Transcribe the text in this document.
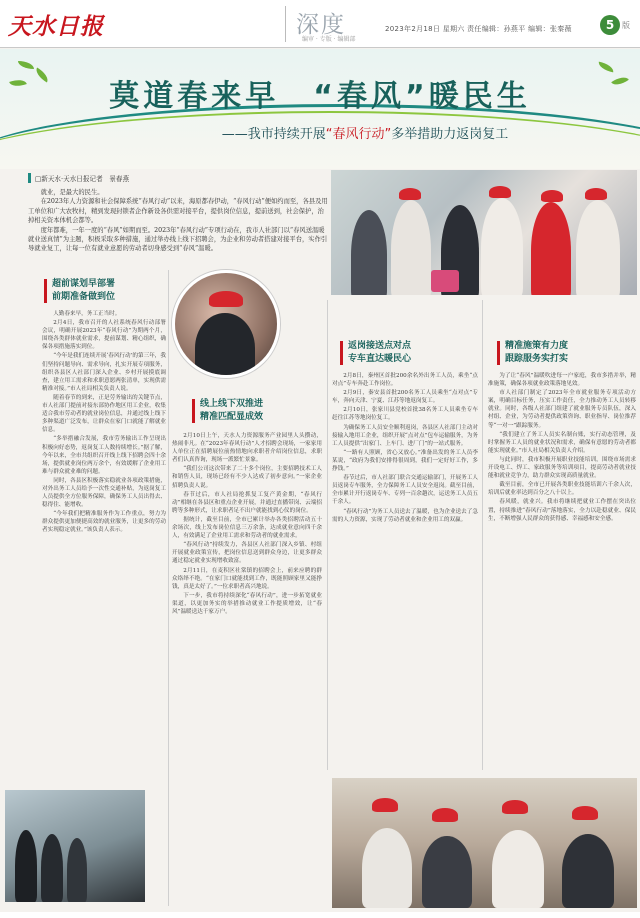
天水日报	深度
编审 · 专版 · 编辑部
2023年2月18日 星期六 责任编辑：孙燕平 编辑：张秦薇	5 版
莫道春来早　“春风”暖民生
——我市持续开展“春风行动”多举措助力返岗复工
□新天水·天水日报记者　景春燕

就业，是最大的民生。

在2023年人力资源和社会保障系统“春风行动”以来，海原都春伊动，“春风行动”便如约而至，各县及用工单位和广大农牧村，精到发现封锁者企作新设各供需对接平台，提供岗位信息，提前送到，社会保护，治掉相关资本体机会都等。

度年都难，一年一度的“春风”如期而至。2023年“春风行动”专项行动在，我市人社部门以“春风送温暖 就业送真情”为主题，积极采取多种措施，通过举办线上线下招聘会，为企业和劳动者搭建对接平台，实作引导就业复工，让每一位有就业意愿的劳动者切身感受到“春风”温暖。

超前谋划早部署
前期准备做到位

人勤春来早，务工正当时。

2月4日，我市召开的人社系统春风行动部署会议，明确开展2023年“春风行动”为期两个月，围绕各类群体就业需求，提前谋划、精心组织，确保各项措施落实到位。

“今年是我们连续开展‘春风行动’的第三年，我们坚持问题导向、需求导向，扎实开展专项服务，组织各县区人社部门深入企业、乡村开展摸底调查，建立用工需求和求职意愿两张清单，实现供需精准对接。”市人社局相关负责人说。

随着春节的到来，正是劳务输出的关键节点，市人社部门提前对接东部协作地区用工企业，收集适合我市劳动者的就业岗位信息，并通过线上线下多种渠道广泛发布，让群众在家门口就能了解就业信息。

“多举措融合发展，我市劳务输出工作呈现出积极向好态势，返岗复工人数持续增长。”据了解，今年以来，全市共组织召开线上线下招聘会四十余场，提供就业岗位两万余个，有效缓解了企业用工难与群众就业难的问题。

同时，各县区积极落实稳就业各项政策措施，对外出务工人员给予一次性交通补贴，为返岗复工人员提供全方位服务保障，确保务工人员出得去、稳得住、能增收。

“今年我们把精准服务作为工作重点，努力为群众提供更加便捷高效的就业服务，让更多的劳动者实现稳定就业。”该负责人表示。

线上线下双推进
精准匹配显成效

2月10日上午，天水人力资源服务产业园里人头攒动，热闹非凡。在“2023年春风行动”人才招聘会现场，一家家用人单位正在招聘展位前热情地向求职者介绍岗位信息，求职者们认真咨询，现场一派繁忙景象。

“我们公司这次带来了二十多个岗位，主要招聘技术工人和销售人员，现场已经有不少人达成了初步意向。”一家企业招聘负责人说。

春节过后，市人社局抢抓复工复产黄金期，“春风行动”相继在各县区和重点企业开展，并通过直播带岗、云端招聘等多种形式，让求职者足不出户就能找到心仪的岗位。

据统计，截至目前，全市已累计举办各类招聘活动五十余场次，线上发布岗位信息三万余条，达成就业意向四千余人，有效满足了企业用工需求和劳动者的就业需求。

“春风行动”持续发力，各县区人社部门深入乡镇、村组开展就业政策宣传，把岗位信息送到群众身边，让更多群众通过稳定就业实现增收致富。

2月11日，在麦积区社棠镇的招聘会上，前来应聘的群众络绎不绝。“在家门口就能找到工作，既能照顾家里又能挣钱，真是太好了。”一位求职者高兴地说。

下一步，我市将持续深化“春风行动”，进一步拓宽就业渠道，以更加务实的举措推动就业工作提质增效，让“春风”温暖送达千家万户。

返岗接送点对点
专车直达暖民心

2月8日，秦州区首批200余名外出务工人员，乘坐“点对点”专车奔赴工作岗位。

2月9日，秦安县首批200名务工人员乘坐“点对点”专车，奔向天津、宁夏、江苏等地返岗复工。

2月10日，张家川县党校首批38名务工人员乘坐专车赶往江苏等地岗位复工。

为确保务工人员安全顺利返岗，各县区人社部门主动对接输入地用工企业，组织开展“点对点”包车运输服务，为务工人员提供“出家门、上车门、进厂门”的一站式服务。

“一路有人照顾，省心又放心。”准备出发的务工人员李某说，“政府为我们安排得很周到，我们一定好好工作，多挣钱。”

春节过后，市人社部门联合交通运输部门，开展务工人员返岗专车服务，全力保障务工人员安全返岗。截至目前，全市累计开行返岗专车、专列一百余趟次，运送务工人员五千余人。

“春风行动”为务工人员送去了温暖，也为企业送去了急需的人力资源，实现了劳动者就业和企业用工的双赢。

精准施策有力度
跟踪服务实打实

为了让“春风”温暖吹进每一户家庭，我市多措并举，精准施策，确保各项就业政策落地见效。

市人社部门制定了2023年全市就业服务专项活动方案，明确目标任务，压实工作责任，全力推动务工人员转移就业。同时，各级人社部门组建了就业服务专员队伍，深入村组、企业，为劳动者提供政策咨询、职业指导、岗位推荐等“一对一”跟踪服务。

“我们建立了务工人员实名制台账，实行动态管理，及时掌握务工人员的就业状况和需求，确保有意愿的劳动者都能实现就业。”市人社局相关负责人介绍。

与此同时，我市积极开展职业技能培训，围绕市场需求开设电工、焊工、家政服务等培训项目，提高劳动者就业技能和就业竞争力，助力群众实现高质量就业。

截至目前，全市已开展各类职业技能培训六千余人次，培训后就业率达到百分之八十以上。

春风暖，就业兴。我市将继续把就业工作摆在突出位置，持续推进“春风行动”落地落实，全力以赴稳就业、保民生，不断增强人民群众的获得感、幸福感和安全感。
